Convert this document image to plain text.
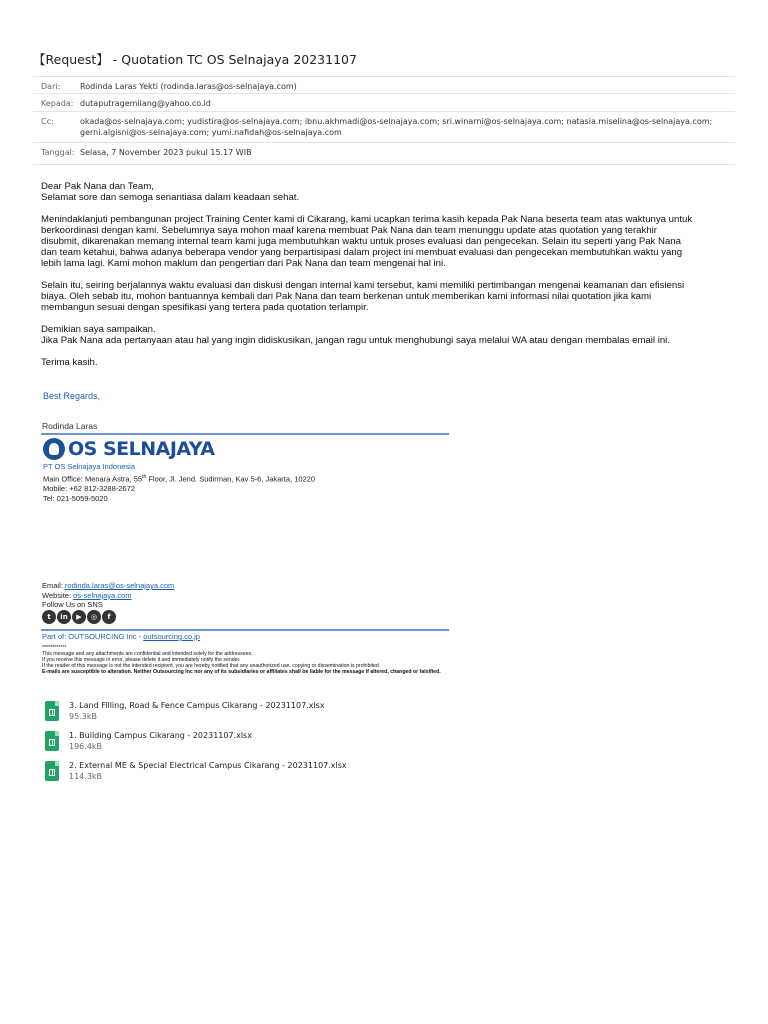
【Request】 - Quotation TC OS Selnajaya 20231107
Dari:	Rodinda Laras Yekti (rodinda.laras@os-selnajaya.com)
Kepada: dutaputragemilang@yahoo.co.id
Cc:	okada@os-selnajaya.com; yudistira@os-selnajaya.com; ibnu.akhmadi@os-selnajaya.com; sri.winarni@os-selnajaya.com; natasia.miselina@os-selnajaya.com; gerni.algisni@os-selnajaya.com; yumi.nafidah@os-selnajaya.com
Tanggal: Selasa, 7 November 2023 pukul 15.17 WIB

Dear Pak Nana dan Team,
Selamat sore dan semoga senantiasa dalam keadaan sehat.

Menindaklanjuti pembangunan project Training Center kami di Cikarang, kami ucapkan terima kasih kepada Pak Nana beserta team atas waktunya untuk
berkoordinasi dengan kami. Sebelumnya saya mohon maaf karena membuat Pak Nana dan team menunggu update atas quotation yang terakhir
disubmit, dikarenakan memang internal team kami juga membutuhkan waktu untuk proses evaluasi dan pengecekan. Selain itu seperti yang Pak Nana
dan team ketahui, bahwa adanya beberapa vendor yang berpartisipasi dalam project ini membuat evaluasi dan pengecekan membutuhkan waktu yang
lebih lama lagi. Kami mohon maklum dan pengertian dari Pak Nana dan team mengenai hal ini.

Selain itu, seiring berjalannya waktu evaluasi dan diskusi dengan internal kami tersebut, kami memiliki pertimbangan mengenai keamanan dan efisiensi
biaya. Oleh sebab itu, mohon bantuannya kembali dari Pak Nana dan team berkenan untuk memberikan kami informasi nilai quotation jika kami
membangun sesuai dengan spesifikasi yang tertera pada quotation terlampir.

Demikian saya sampaikan.
Jika Pak Nana ada pertanyaan atau hal yang ingin didiskusikan, jangan ragu untuk menghubungi saya melalui WA atau dengan membalas email ini.

Terima kasih.

Best Regards,
Rodinda Laras
OS SELNAJAYA
PT OS Selnajaya Indonesia
Main Office: Menara Astra, 55th Floor, Jl. Jend. Sudirman, Kav 5-6, Jakarta, 10220
Mobile: +62 812-3288-2672
Tel: 021-5059-5020
Email: rodinda.laras@os-selnajaya.com
Website: os-selnajaya.com
Follow Us on SNS
t	in	▶	◎	f
Part of: OUTSOURCING Inc - outsourcing.co.jp
************
This message and any attachments are confidential and intended solely for the addressees.
If you receive this message in error, please delete it and immediately notify the sender.
If the reader of this message is not the intended recipient, you are hereby notified that any unauthorized use, copying or dissemination is prohibited.
E-mails are susceptible to alteration. Neither Outsourcing Inc nor any of its subsidiaries or affiliates shall be liable for the message if altered, changed or falsified.
3. Land Filling, Road & Fence Campus Cikarang - 20231107.xlsx
95.3kB
1. Building Campus Cikarang - 20231107.xlsx
196.4kB
2. External ME & Special Electrical Campus Cikarang - 20231107.xlsx
114.3kB
